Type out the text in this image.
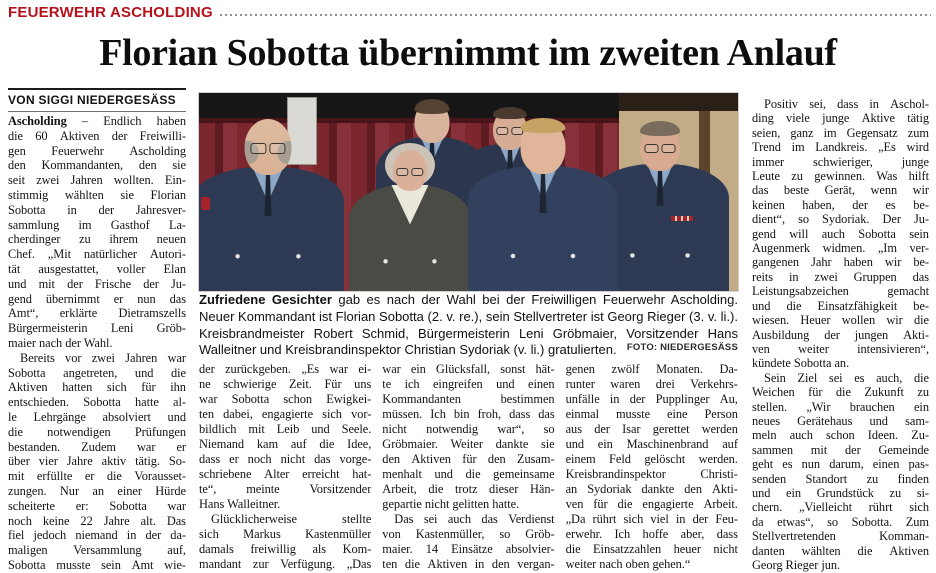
FEUERWEHR ASCHOLDING
Florian Sobotta übernimmt im zweiten Anlauf
VON SIGGI NIEDERGESÄSS
Ascholding – Endlich haben
die 60 Aktiven der Freiwilli-
gen Feuerwehr Ascholding
den Kommandanten, den sie
seit zwei Jahren wollten. Ein-
stimmig wählten sie Florian
Sobotta in der Jahresver-
sammlung im Gasthof La-
cherdinger zu ihrem neuen
Chef. „Mit natürlicher Autori-
tät ausgestattet, voller Elan
und mit der Frische der Ju-
gend übernimmt er nun das
Amt“, erklärte Dietramszells
Bürgermeisterin Leni Gröb-
maier nach der Wahl.
Bereits vor zwei Jahren war
Sobotta angetreten, und die
Aktiven hatten sich für ihn
entschieden. Sobotta hatte al-
le Lehrgänge absolviert und
die notwendigen Prüfungen
bestanden. Zudem war er
über vier Jahre aktiv tätig. So-
mit erfüllte er die Vorausset-
zungen. Nur an einer Hürde
scheiterte er: Sobotta war
noch keine 22 Jahre alt. Das
fiel jedoch niemand in der da-
maligen Versammlung auf,
Sobotta musste sein Amt wie-

Zufriedene Gesichter gab es nach der Wahl bei der Freiwilligen Feuerwehr Ascholding. Neuer Kommandant ist Florian Sobotta (2. v. re.), sein Stellvertreter ist Georg Rieger (3. v. li.). Kreisbrandmeister Robert Schmid, Bürgermeisterin Leni Gröbmaier, Vorsitzender Hans Walleitner und Kreisbrandinspektor Christian Sydoriak (v. li.) gratulierten.	FOTO: NIEDERGESÄSS

der zurückgeben. „Es war ei-
ne schwierige Zeit. Für uns
war Sobotta schon Ewigkei-
ten dabei, engagierte sich vor-
bildlich mit Leib und Seele.
Niemand kam auf die Idee,
dass er noch nicht das vorge-
schriebene Alter erreicht hat-
te“, meinte Vorsitzender
Hans Walleitner.
Glücklicherweise	stellte
sich Markus Kastenmüller
damals freiwillig als Kom-
mandant zur Verfügung. „Das
war ein Glücksfall, sonst hät-
te ich eingreifen und einen
Kommandanten	bestimmen
müssen. Ich bin froh, dass das
nicht notwendig war“, so
Gröbmaier. Weiter dankte sie
den Aktiven für den Zusam-
menhalt und die gemeinsame
Arbeit, die trotz dieser Hän-
gepartie nicht gelitten hatte.
Das sei auch das Verdienst
von Kastenmüller, so Gröb-
maier. 14 Einsätze absolvier-
ten die Aktiven in den vergan-
genen zwölf Monaten. Da-
runter waren drei Verkehrs-
unfälle in der Pupplinger Au,
einmal musste eine Person
aus der Isar gerettet werden
und ein Maschinenbrand auf
einem Feld gelöscht werden.
Kreisbrandinspektor	Christi-
an Sydoriak dankte den Akti-
ven für die engagierte Arbeit.
„Da rührt sich viel in der Feu-
erwehr. Ich hoffe aber, dass
die Einsatzzahlen heuer nicht
weiter nach oben gehen.“
Positiv sei, dass in Aschol-
ding viele junge Aktive tätig
seien, ganz im Gegensatz zum
Trend im Landkreis. „Es wird
immer schwieriger, junge
Leute zu gewinnen. Was hilft
das beste Gerät, wenn wir
keinen haben, der es be-
dient“, so Sydoriak. Der Ju-
gend will auch Sobotta sein
Augenmerk widmen. „Im ver-
gangenen Jahr haben wir be-
reits in zwei Gruppen das
Leistungsabzeichen	gemacht
und die Einsatzfähigkeit be-
wiesen. Heuer wollen wir die
Ausbildung der jungen Akti-
ven weiter intensivieren“,
kündete Sobotta an.
Sein Ziel sei es auch, die
Weichen für die Zukunft zu
stellen. „Wir brauchen ein
neues Gerätehaus und sam-
meln auch schon Ideen. Zu-
sammen mit der Gemeinde
geht es nun darum, einen pas-
senden Standort zu finden
und ein Grundstück zu si-
chern. „Vielleicht rührt sich
da etwas“, so Sobotta. Zum
Stellvertretenden	Komman-
danten wählten die Aktiven
Georg Rieger jun.
